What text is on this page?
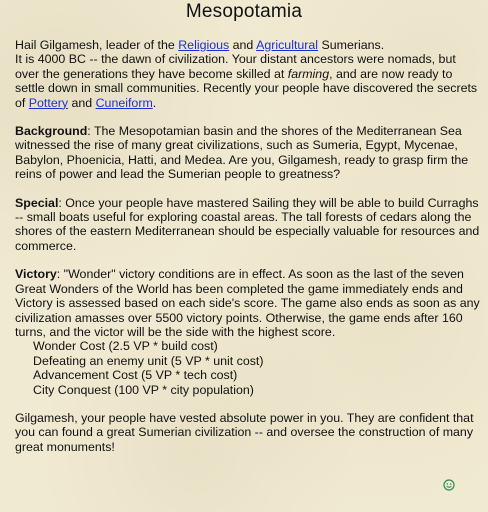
Mesopotamia

Hail Gilgamesh, leader of the Religious and Agricultural Sumerians.
It is 4000 BC -- the dawn of civilization. Your distant ancestors were nomads, but over the generations they have become skilled at farming, and are now ready to settle down in small communities. Recently your people have discovered the secrets of Pottery and Cuneiform.

Background: The Mesopotamian basin and the shores of the Mediterranean Sea witnessed the rise of many great civilizations, such as Sumeria, Egypt, Mycenae, Babylon, Phoenicia, Hatti, and Medea. Are you, Gilgamesh, ready to grasp firm the reins of power and lead the Sumerian people to greatness?

Special: Once your people have mastered Sailing they will be able to build Curraghs -- small boats useful for exploring coastal areas. The tall forests of cedars along the shores of the eastern Mediterranean should be especially valuable for resources and commerce.

Victory: "Wonder" victory conditions are in effect. As soon as the last of the seven Great Wonders of the World has been completed the game immediately ends and Victory is assessed based on each side's score. The game also ends as soon as any civilization amasses over 5500 victory points. Otherwise, the game ends after 160 turns, and the victor will be the side with the highest score.

Wonder Cost (2.5 VP * build cost)
Defeating an enemy unit (5 VP * unit cost)
Advancement Cost (5 VP * tech cost)
City Conquest (100 VP * city population)

Gilgamesh, your people have vested absolute power in you. They are confident that you can found a great Sumerian civilization -- and oversee the construction of many great monuments!
